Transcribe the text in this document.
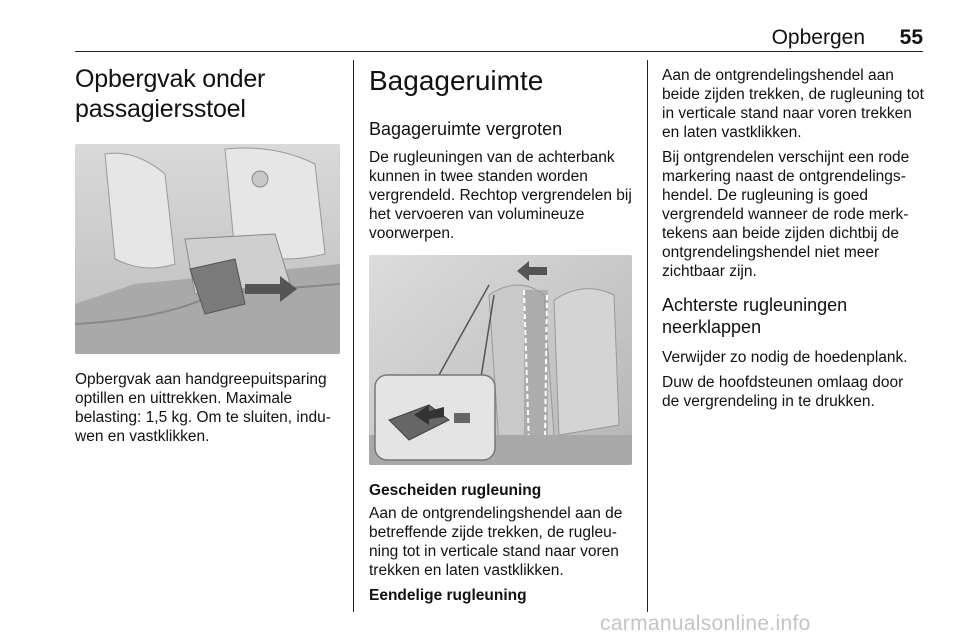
Opbergen 55
Opbergvak onder passagiersstoel

Opbergvak aan handgreepuitsparing optillen en uittrekken. Maximale belasting: 1,5 kg. Om te sluiten, induwen en vastklikken.

Bagageruimte
Bagageruimte vergroten

De rugleuningen van de achterbank kunnen in twee standen worden vergrendeld. Rechtop vergrendelen bij het vervoeren van volumineuze voorwerpen.

Gescheiden rugleuning

Aan de ontgrendelingshendel aan de betreffende zijde trekken, de rugleuning tot in verticale stand naar voren trekken en laten vastklikken.

Eendelige rugleuning

Aan de ontgrendelingshendel aan beide zijden trekken, de rugleuning tot in verticale stand naar voren trekken en laten vastklikken.

Bij ontgrendelen verschijnt een rode markering naast de ontgrendelingshendel. De rugleuning is goed vergrendeld wanneer de rode merktekens aan beide zijden dichtbij de ontgrendelingshendel niet meer zichtbaar zijn.

Achterste rugleuningen neerklappen

Verwijder zo nodig de hoedenplank.

Duw de hoofdsteunen omlaag door de vergrendeling in te drukken.

carmanualsonline.info
